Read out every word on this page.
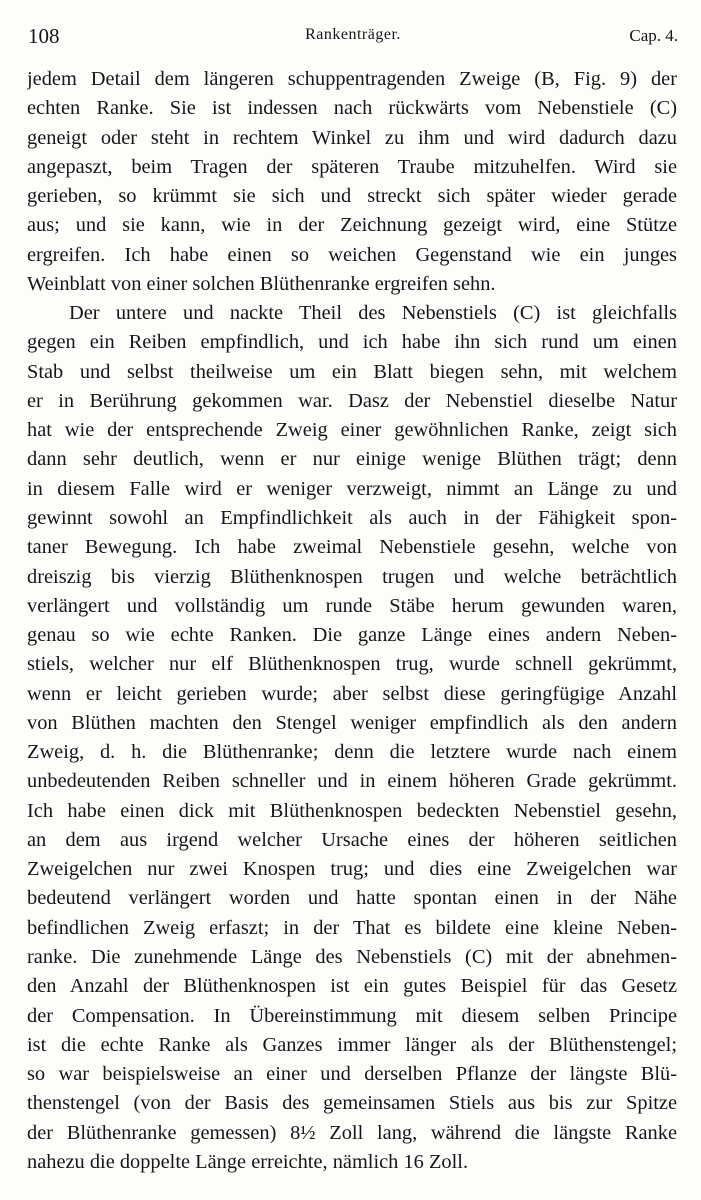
108	Rankenträger.	Cap. 4.
jedem Detail dem längeren schuppentragenden Zweige (B, Fig. 9) der
echten Ranke. Sie ist indessen nach rückwärts vom Nebenstiele (C)
geneigt oder steht in rechtem Winkel zu ihm und wird dadurch dazu
angepaszt, beim Tragen der späteren Traube mitzuhelfen. Wird sie
gerieben, so krümmt sie sich und streckt sich später wieder gerade
aus; und sie kann, wie in der Zeichnung gezeigt wird, eine Stütze
ergreifen. Ich habe einen so weichen Gegenstand wie ein junges
Weinblatt von einer solchen Blüthenranke ergreifen sehn.
Der untere und nackte Theil des Nebenstiels (C) ist gleichfalls
gegen ein Reiben empfindlich, und ich habe ihn sich rund um einen
Stab und selbst theilweise um ein Blatt biegen sehn, mit welchem
er in Berührung gekommen war. Dasz der Nebenstiel dieselbe Natur
hat wie der entsprechende Zweig einer gewöhnlichen Ranke, zeigt sich
dann sehr deutlich, wenn er nur einige wenige Blüthen trägt; denn
in diesem Falle wird er weniger verzweigt, nimmt an Länge zu und
gewinnt sowohl an Empfindlichkeit als auch in der Fähigkeit spon-
taner Bewegung. Ich habe zweimal Nebenstiele gesehn, welche von
dreiszig bis vierzig Blüthenknospen trugen und welche beträchtlich
verlängert und vollständig um runde Stäbe herum gewunden waren,
genau so wie echte Ranken. Die ganze Länge eines andern Neben-
stiels, welcher nur elf Blüthenknospen trug, wurde schnell gekrümmt,
wenn er leicht gerieben wurde; aber selbst diese geringfügige Anzahl
von Blüthen machten den Stengel weniger empfindlich als den andern
Zweig, d. h. die Blüthenranke; denn die letztere wurde nach einem
unbedeutenden Reiben schneller und in einem höheren Grade gekrümmt.
Ich habe einen dick mit Blüthenknospen bedeckten Nebenstiel gesehn,
an dem aus irgend welcher Ursache eines der höheren seitlichen
Zweigelchen nur zwei Knospen trug; und dies eine Zweigelchen war
bedeutend verlängert worden und hatte spontan einen in der Nähe
befindlichen Zweig erfaszt; in der That es bildete eine kleine Neben-
ranke. Die zunehmende Länge des Nebenstiels (C) mit der abnehmen-
den Anzahl der Blüthenknospen ist ein gutes Beispiel für das Gesetz
der Compensation. In Übereinstimmung mit diesem selben Principe
ist die echte Ranke als Ganzes immer länger als der Blüthenstengel;
so war beispielsweise an einer und derselben Pflanze der längste Blü-
thenstengel (von der Basis des gemeinsamen Stiels aus bis zur Spitze
der Blüthenranke gemessen) 8½ Zoll lang, während die längste Ranke
nahezu die doppelte Länge erreichte, nämlich 16 Zoll.
